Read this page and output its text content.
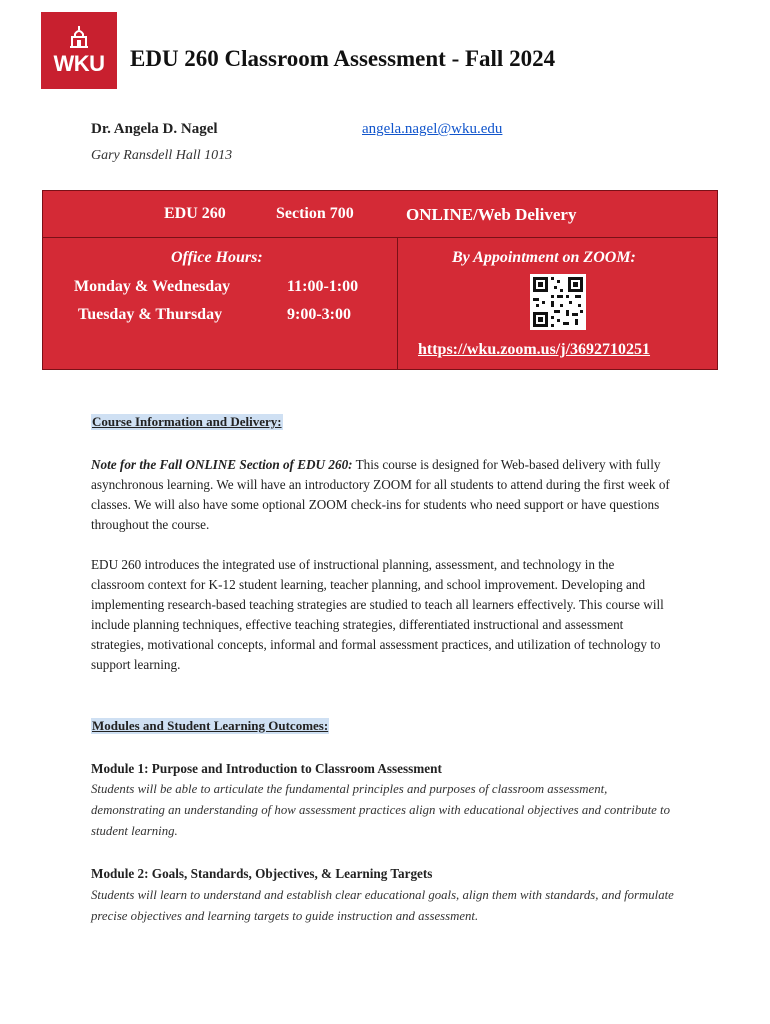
WKU EDU 260 Classroom Assessment - Fall 2024
Dr. Angela D. Nagel
Gary Ransdell Hall 1013
angela.nagel@wku.edu
EDU 260	Section 700	ONLINE/Web Delivery
Office Hours:
Monday & Wednesday	11:00-1:00
Tuesday & Thursday	9:00-3:00
By Appointment on ZOOM:
https://wku.zoom.us/j/3692710251
Course Information and Delivery:
Note for the Fall ONLINE Section of EDU 260: This course is designed for Web-based delivery with fully asynchronous learning. We will have an introductory ZOOM for all students to attend during the first week of classes. We will also have some optional ZOOM check-ins for students who need support or have questions throughout the course.
EDU 260 introduces the integrated use of instructional planning, assessment, and technology in the classroom context for K-12 student learning, teacher planning, and school improvement. Developing and implementing research-based teaching strategies are studied to teach all learners effectively. This course will include planning techniques, effective teaching strategies, differentiated instructional and assessment strategies, motivational concepts, informal and formal assessment practices, and utilization of technology to support learning.
Modules and Student Learning Outcomes:
Module 1: Purpose and Introduction to Classroom Assessment
Students will be able to articulate the fundamental principles and purposes of classroom assessment, demonstrating an understanding of how assessment practices align with educational objectives and contribute to student learning.
Module 2: Goals, Standards, Objectives, & Learning Targets
Students will learn to understand and establish clear educational goals, align them with standards, and formulate precise objectives and learning targets to guide instruction and assessment.
